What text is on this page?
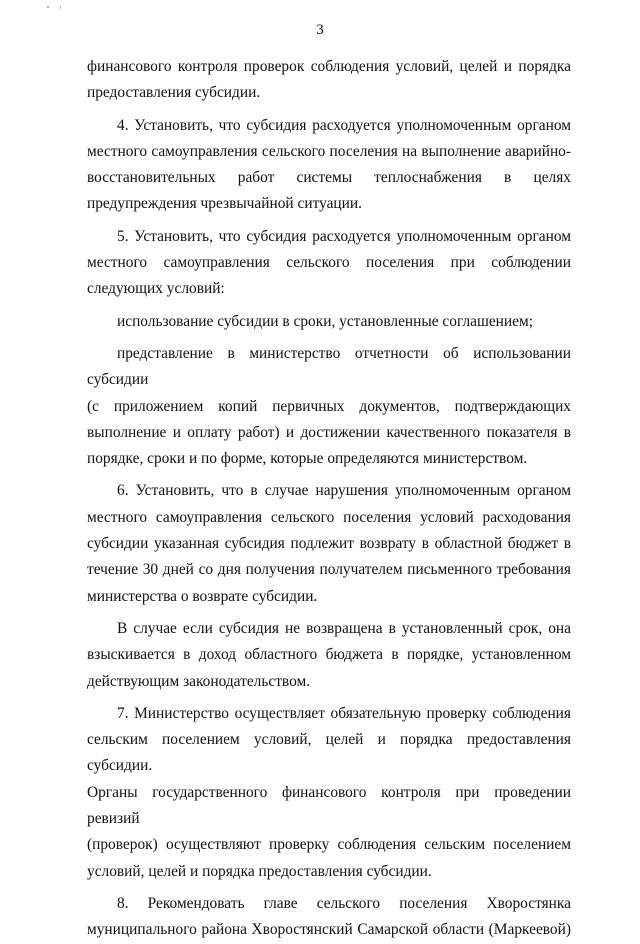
3
финансового контроля проверок соблюдения условий, целей и порядка
предоставления субсидии.
4. Установить, что субсидия расходуется уполномоченным органом
местного самоуправления сельского поселения на выполнение аварийно-
восстановительных работ системы теплоснабжения в целях
предупреждения чрезвычайной ситуации.
5. Установить, что субсидия расходуется уполномоченным органом
местного самоуправления сельского поселения при соблюдении
следующих условий:
использование субсидии в сроки, установленные соглашением;
представление в министерство отчетности об использовании субсидии
(с приложением копий первичных документов, подтверждающих
выполнение и оплату работ) и достижении качественного показателя в
порядке, сроки и по форме, которые определяются министерством.
6. Установить, что в случае нарушения уполномоченным органом
местного самоуправления сельского поселения условий расходования
субсидии указанная субсидия подлежит возврату в областной бюджет в
течение 30 дней со дня получения получателем письменного требования
министерства о возврате субсидии.
В случае если субсидия не возвращена в установленный срок, она
взыскивается в доход областного бюджета в порядке, установленном
действующим законодательством.
7. Министерство осуществляет обязательную проверку соблюдения
сельским поселением условий, целей и порядка предоставления субсидии.
Органы государственного финансового контроля при проведении ревизий
(проверок) осуществляют проверку соблюдения сельским поселением
условий, целей и порядка предоставления субсидии.
8. Рекомендовать главе сельского поселения Хворостянка
муниципального района Хворостянский Самарской области (Маркеевой)
